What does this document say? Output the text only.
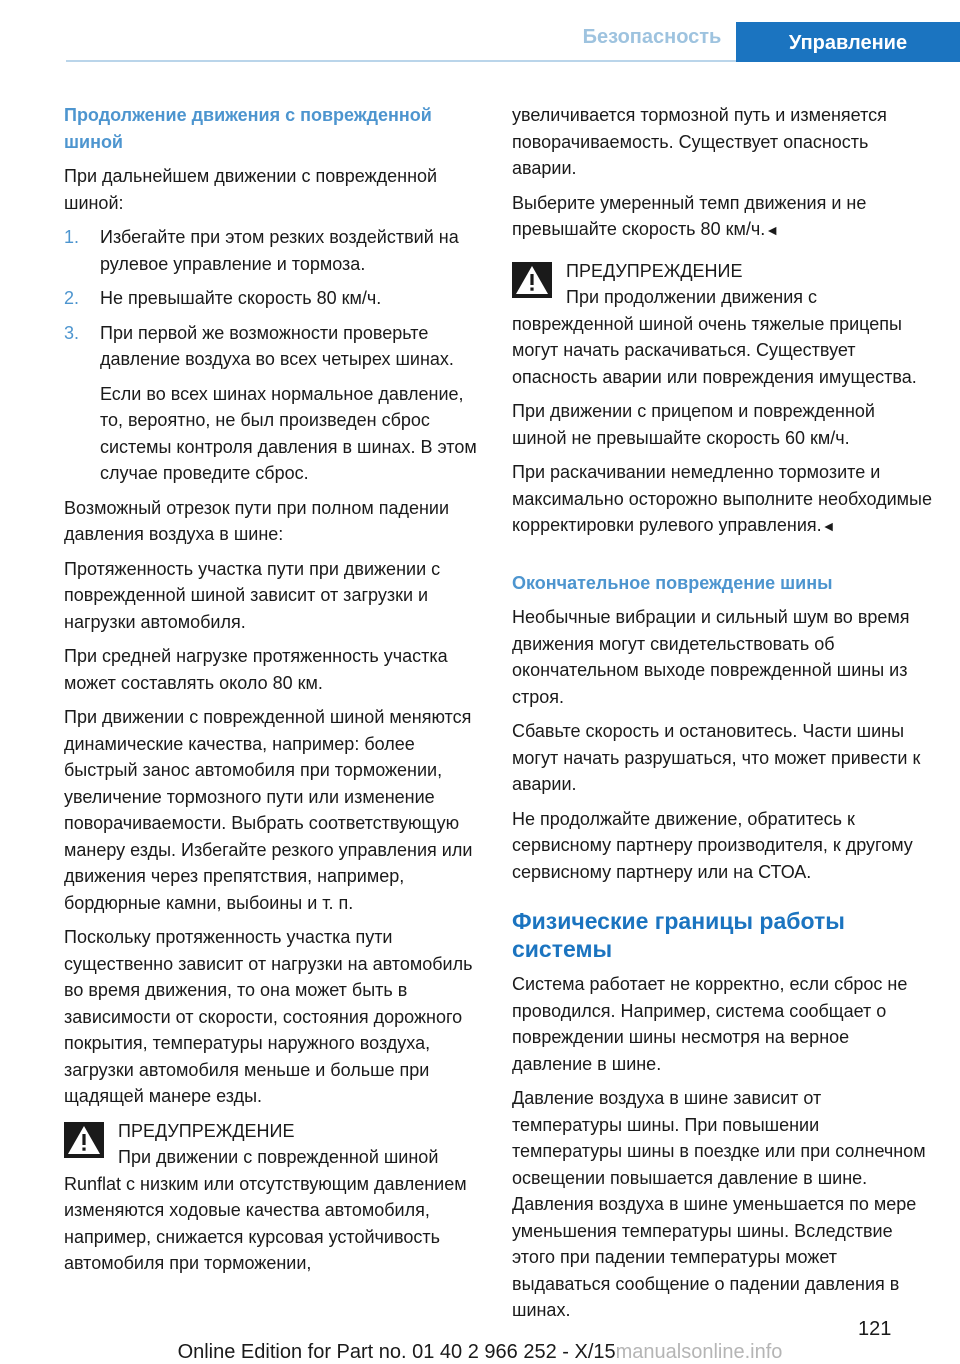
Безопасность	Управление
Продолжение движения с поврежденной шиной

При дальнейшем движении с поврежденной шиной:

1. Избегайте при этом резких воздействий на рулевое управление и тормоза.
2. Не превышайте скорость 80 км/ч.
3. При первой же возможности проверьте давление воздуха во всех четырех шинах.

Если во всех шинах нормальное давление, то, вероятно, не был произведен сброс системы контроля давления в шинах. В этом случае проведите сброс.

Возможный отрезок пути при полном падении давления воздуха в шине:

Протяженность участка пути при движении с поврежденной шиной зависит от загрузки и нагрузки автомобиля.

При средней нагрузке протяженность участка может составлять около 80 км.

При движении с поврежденной шиной меняются динамические качества, например: более быстрый занос автомобиля при торможении, увеличение тормозного пути или изменение поворачиваемости. Выбрать соответствующую манеру езды. Избегайте резкого управления или движения через препятствия, например, бордюрные камни, выбоины и т. п.

Поскольку протяженность участка пути существенно зависит от нагрузки на автомобиль во время движения, то она может быть в зависимости от скорости, состояния дорожного покрытия, температуры наружного воздуха, загрузки автомобиля меньше и больше при щадящей манере езды.

ПРЕДУПРЕЖДЕНИЕ
При движении с поврежденной шиной Runflat с низким или отсутствующим давлением изменяются ходовые качества автомобиля, например, снижается курсовая устойчивость автомобиля при торможении,

увеличивается тормозной путь и изменяется поворачиваемость. Существует опасность аварии.

Выберите умеренный темп движения и не превышайте скорость 80 км/ч.◄

ПРЕДУПРЕЖДЕНИЕ
При продолжении движения с поврежденной шиной очень тяжелые прицепы могут начать раскачиваться. Существует опасность аварии или повреждения имущества.

При движении с прицепом и поврежденной шиной не превышайте скорость 60 км/ч.

При раскачивании немедленно тормозите и максимально осторожно выполните необходимые корректировки рулевого управления.◄

Окончательное повреждение шины

Необычные вибрации и сильный шум во время движения могут свидетельствовать об окончательном выходе поврежденной шины из строя.

Сбавьте скорость и остановитесь. Части шины могут начать разрушаться, что может привести к аварии.

Не продолжайте движение, обратитесь к сервисному партнеру производителя, к другому сервисному партнеру или на СТОА.

Физические границы работы системы

Система работает не корректно, если сброс не проводился. Например, система сообщает о повреждении шины несмотря на верное давление в шине.

Давление воздуха в шине зависит от температуры шины. При повышении температуры шины в поездке или при солнечном освещении повышается давление в шине. Давления воздуха в шине уменьшается по мере уменьшения температуры шины. Вследствие этого при падении температуры может выдаваться сообщение о падении давления в шинах.

121
Online Edition for Part no. 01 40 2 966 252 - X/15manualsonline.info
